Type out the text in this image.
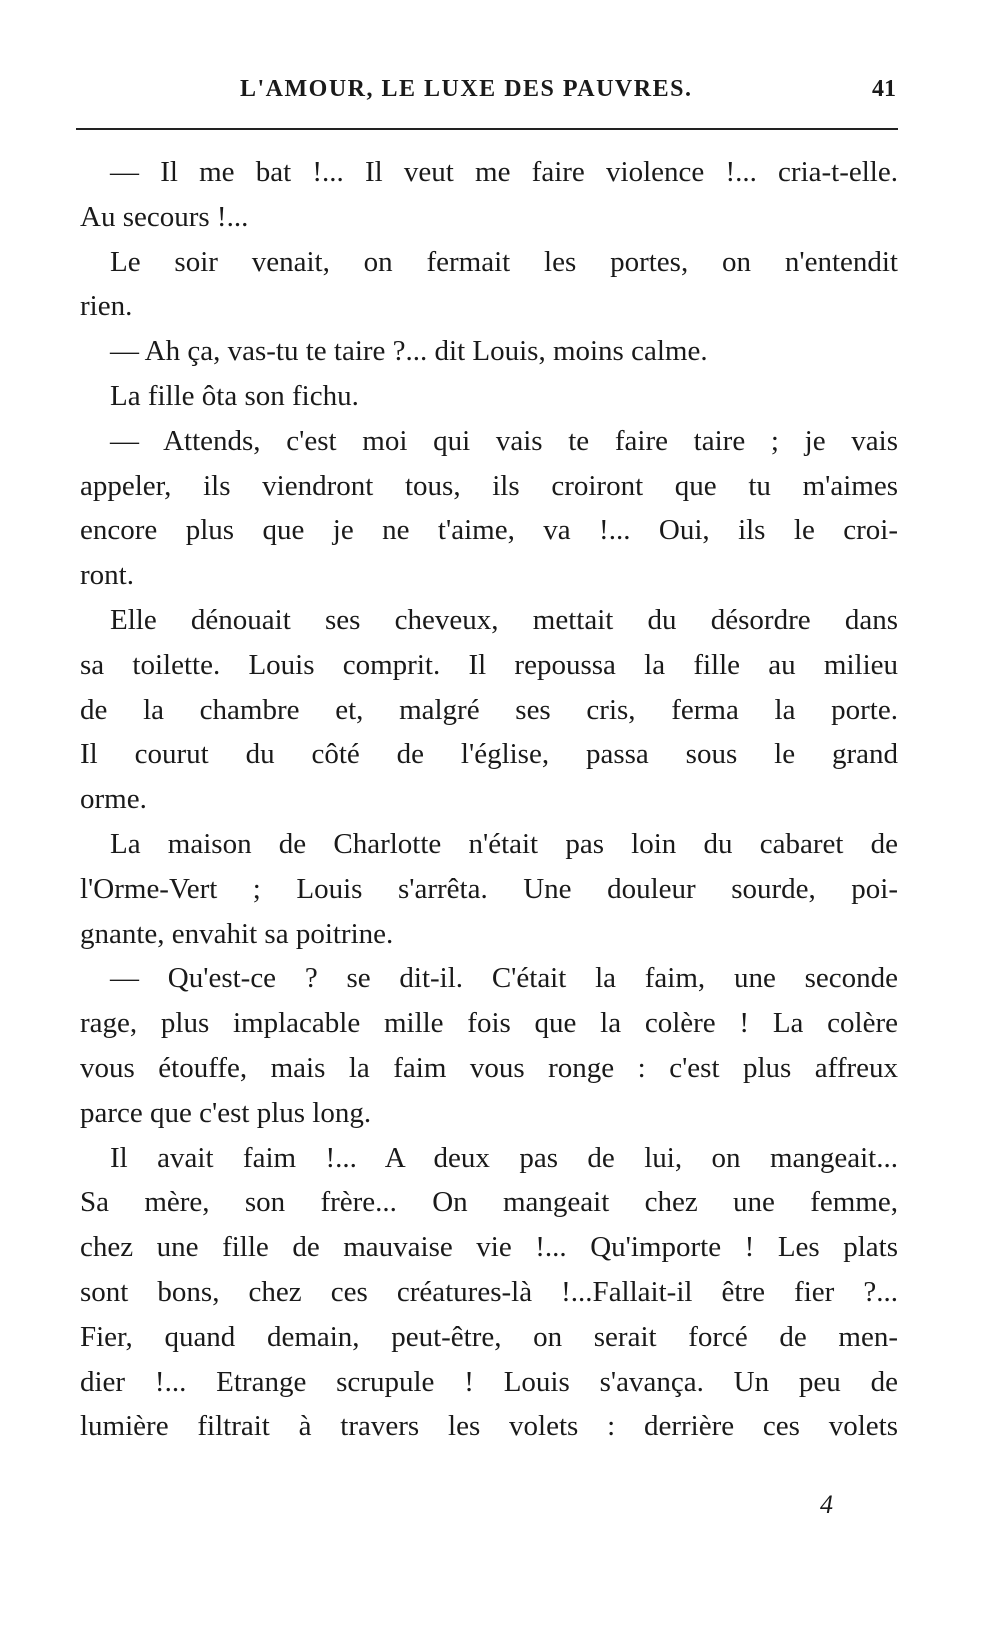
L'AMOUR, LE LUXE DES PAUVRES.	41
— Il me bat !... Il veut me faire violence !... cria-t-elle.
Au secours !...
Le soir venait, on fermait les portes, on n'entendit
rien.
— Ah ça, vas-tu te taire ?... dit Louis, moins calme.
La fille ôta son fichu.
— Attends, c'est moi qui vais te faire taire ; je vais
appeler, ils viendront tous, ils croiront que tu m'aimes
encore plus que je ne t'aime, va !... Oui, ils le croi-
ront.
Elle dénouait ses cheveux, mettait du désordre dans
sa toilette. Louis comprit. Il repoussa la fille au milieu
de la chambre et, malgré ses cris, ferma la porte.
Il courut du côté de l'église, passa sous le grand
orme.
La maison de Charlotte n'était pas loin du cabaret de
l'Orme-Vert ; Louis s'arrêta. Une douleur sourde, poi-
gnante, envahit sa poitrine.
— Qu'est-ce ? se dit-il. C'était la faim, une seconde
rage, plus implacable mille fois que la colère ! La colère
vous étouffe, mais la faim vous ronge : c'est plus affreux
parce que c'est plus long.
Il avait faim !... A deux pas de lui, on mangeait...
Sa mère, son frère... On mangeait chez une femme,
chez une fille de mauvaise vie !... Qu'importe ! Les plats
sont bons, chez ces créatures-là !...Fallait-il être fier ?...
Fier, quand demain, peut-être, on serait forcé de men-
dier !... Etrange scrupule ! Louis s'avança. Un peu de
lumière filtrait à travers les volets : derrière ces volets
4
